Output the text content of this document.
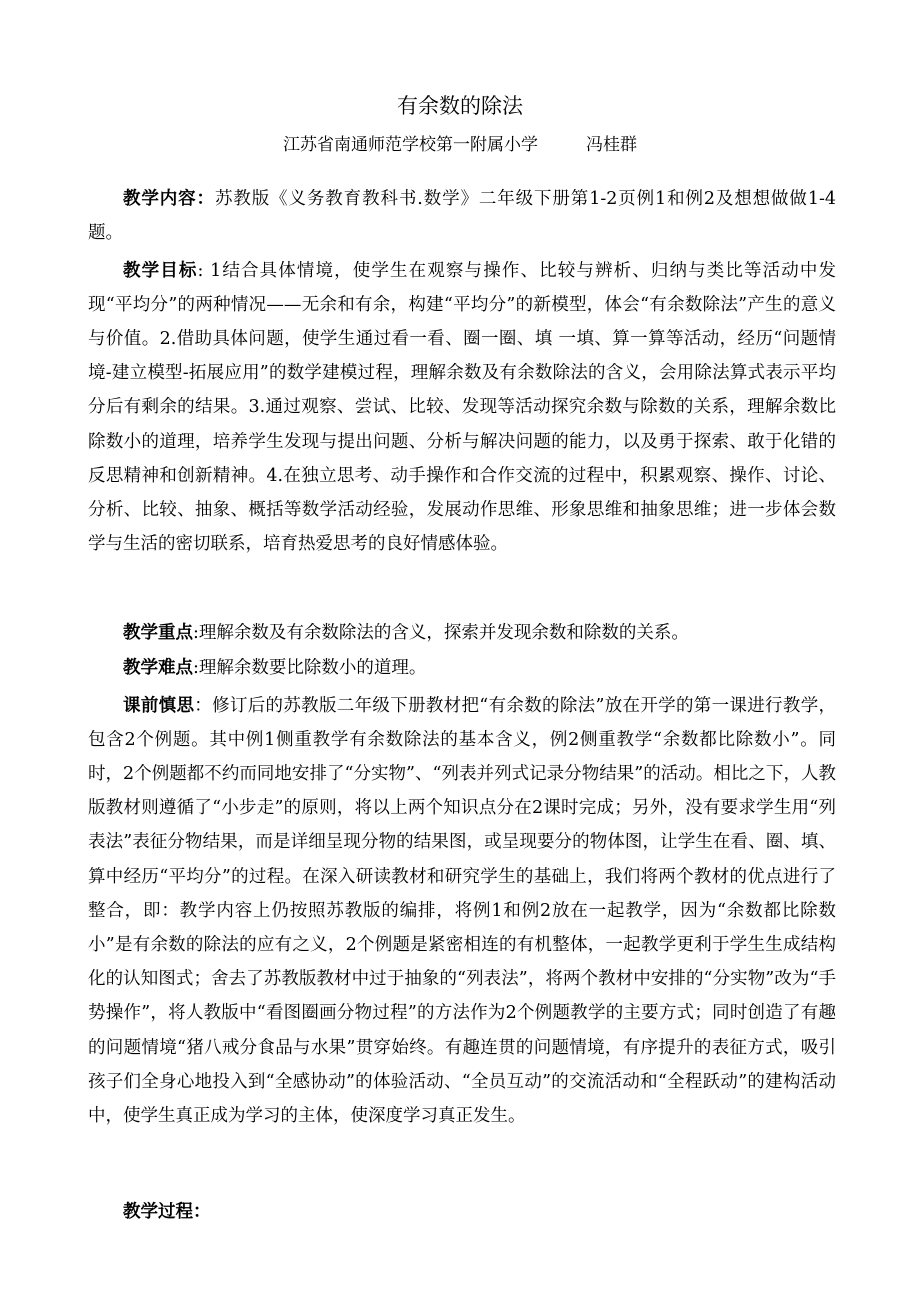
有余数的除法
江苏省南通师范学校第一附属小学	冯桂群

教学内容：苏教版《义务教育教科书.数学》二年级下册第1-2页例1和例2及想想做做1-4题。

教学目标: 1结合具体情境，使学生在观察与操作、比较与辨析、归纳与类比等活动中发现“平均分”的两种情况——无余和有余，构建“平均分”的新模型，体会“有余数除法”产生的意义与价值。2.借助具体问题，使学生通过看一看、圈一圈、填 一填、算一算等活动，经历“问题情境-建立模型-拓展应用”的数学建模过程，理解余数及有余数除法的含义，会用除法算式表示平均分后有剩余的结果。3.通过观察、尝试、比较、发现等活动探究余数与除数的关系，理解余数比除数小的道理，培养学生发现与提出问题、分析与解决问题的能力，以及勇于探索、敢于化错的反思精神和创新精神。4.在独立思考、动手操作和合作交流的过程中，积累观察、操作、讨论、分析、比较、抽象、概括等数学活动经验，发展动作思维、形象思维和抽象思维；进一步体会数学与生活的密切联系，培育热爱思考的良好情感体验。

教学重点:理解余数及有余数除法的含义，探索并发现余数和除数的关系。

教学难点:理解余数要比除数小的道理。

课前慎思：修订后的苏教版二年级下册教材把“有余数的除法”放在开学的第一课进行教学，包含2个例题。其中例1侧重教学有余数除法的基本含义，例2侧重教学“余数都比除数小”。同时，2个例题都不约而同地安排了“分实物”、“列表并列式记录分物结果”的活动。相比之下，人教版教材则遵循了“小步走”的原则，将以上两个知识点分在2课时完成；另外，没有要求学生用“列表法”表征分物结果，而是详细呈现分物的结果图，或呈现要分的物体图，让学生在看、圈、填、算中经历“平均分”的过程。在深入研读教材和研究学生的基础上，我们将两个教材的优点进行了整合，即：教学内容上仍按照苏教版的编排，将例1和例2放在一起教学，因为“余数都比除数小”是有余数的除法的应有之义，2个例题是紧密相连的有机整体，一起教学更利于学生生成结构化的认知图式；舍去了苏教版教材中过于抽象的“列表法”，将两个教材中安排的“分实物”改为“手势操作”，将人教版中“看图圈画分物过程”的方法作为2个例题教学的主要方式；同时创造了有趣的问题情境“猪八戒分食品与水果”贯穿始终。有趣连贯的问题情境，有序提升的表征方式，吸引孩子们全身心地投入到“全感协动”的体验活动、“全员互动”的交流活动和“全程跃动”的建构活动中，使学生真正成为学习的主体，使深度学习真正发生。

教学过程：
